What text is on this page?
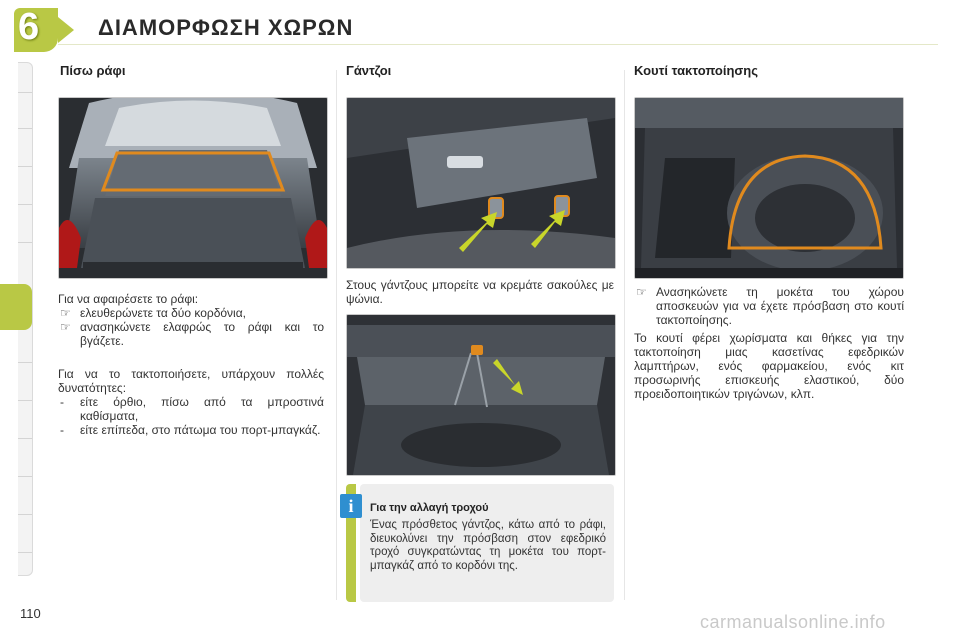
6	ΔΙΑΜΟΡΦΩΣΗ ΧΩΡΩΝ
Πίσω ράφι

Για να αφαιρέσετε το ράφι:

☞ ελευθερώνετε τα δύο κορδόνια,

☞ ανασηκώνετε ελαφρώς το ράφι και το βγάζετε.

Για να το τακτοποιήσετε, υπάρχουν πολλές δυνατότητες:

- είτε όρθιο, πίσω από τα μπροστινά καθίσματα,

- είτε επίπεδα, στο πάτωμα του πορτ-μπαγκάζ.

Γάντζοι
Στους γάντζους μπορείτε να κρεμάτε σακούλες με ψώνια.
i	Για την αλλαγή τροχού
Ένας πρόσθετος γάντζος, κάτω από το ράφι, διευκολύνει την πρόσβαση στον εφεδρικό τροχό συγκρατώντας τη μοκέτα του πορτ-μπαγκάζ από το κορδόνι της.
Κουτί τακτοποίησης

☞ Ανασηκώνετε τη μοκέτα του χώρου αποσκευών για να έχετε πρόσβαση στο κουτί τακτοποίησης.

Το κουτί φέρει χωρίσματα και θήκες για την τακτοποίηση μιας κασετίνας εφεδρικών λαμπτήρων, ενός φαρμακείου, ενός κιτ προσωρινής επισκευής ελαστικού, δύο προειδοποιητικών τριγώνων, κλπ.

110	carmanualsonline.info
